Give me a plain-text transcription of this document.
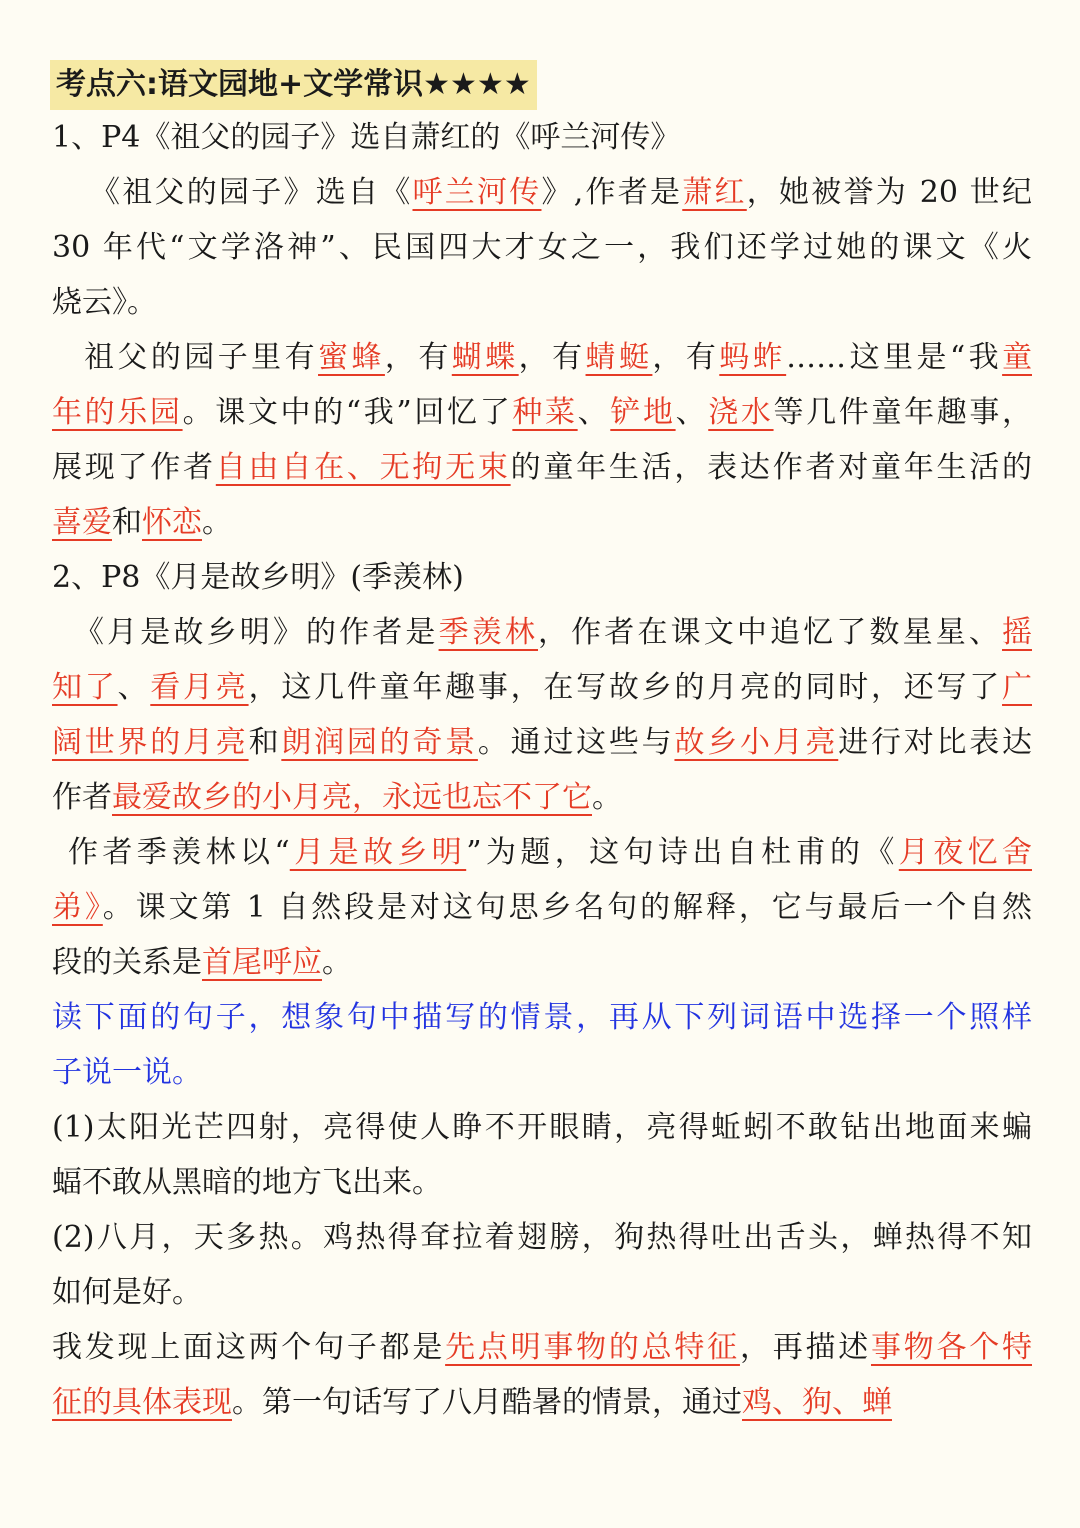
考点六:语文园地+文学常识★★★★
1、P4《祖父的园子》选自萧红的《呼兰河传》
《祖父的园子》选自《呼兰河传》,作者是萧红，她被誉为 20 世纪
30 年代“文学洛神”、民国四大才女之一，我们还学过她的课文《火
烧云》。
祖父的园子里有蜜蜂，有蝴蝶，有蜻蜓，有蚂蚱……这里是“我童
年的乐园。课文中的“我”回忆了种菜、铲地、浇水等几件童年趣事，
展现了作者自由自在、无拘无束的童年生活，表达作者对童年生活的
喜爱和怀恋。
2、P8《月是故乡明》(季羡林)
《月是故乡明》的作者是季羡林，作者在课文中追忆了数星星、摇
知了、看月亮，这几件童年趣事，在写故乡的月亮的同时，还写了广
阔世界的月亮和朗润园的奇景。通过这些与故乡小月亮进行对比表达
作者最爱故乡的小月亮，永远也忘不了它。
作者季羡林以“月是故乡明”为题，这句诗出自杜甫的《月夜忆舍
弟》。课文第 1 自然段是对这句思乡名句的解释，它与最后一个自然
段的关系是首尾呼应。
读下面的句子，想象句中描写的情景，再从下列词语中选择一个照样
子说一说。
(1)太阳光芒四射，亮得使人睁不开眼睛，亮得蚯蚓不敢钻出地面来蝙
蝠不敢从黑暗的地方飞出来。
(2)八月，天多热。鸡热得耷拉着翅膀，狗热得吐出舌头，蝉热得不知
如何是好。
我发现上面这两个句子都是先点明事物的总特征，再描述事物各个特
征的具体表现。第一句话写了八月酷暑的情景，通过鸡、狗、蝉
